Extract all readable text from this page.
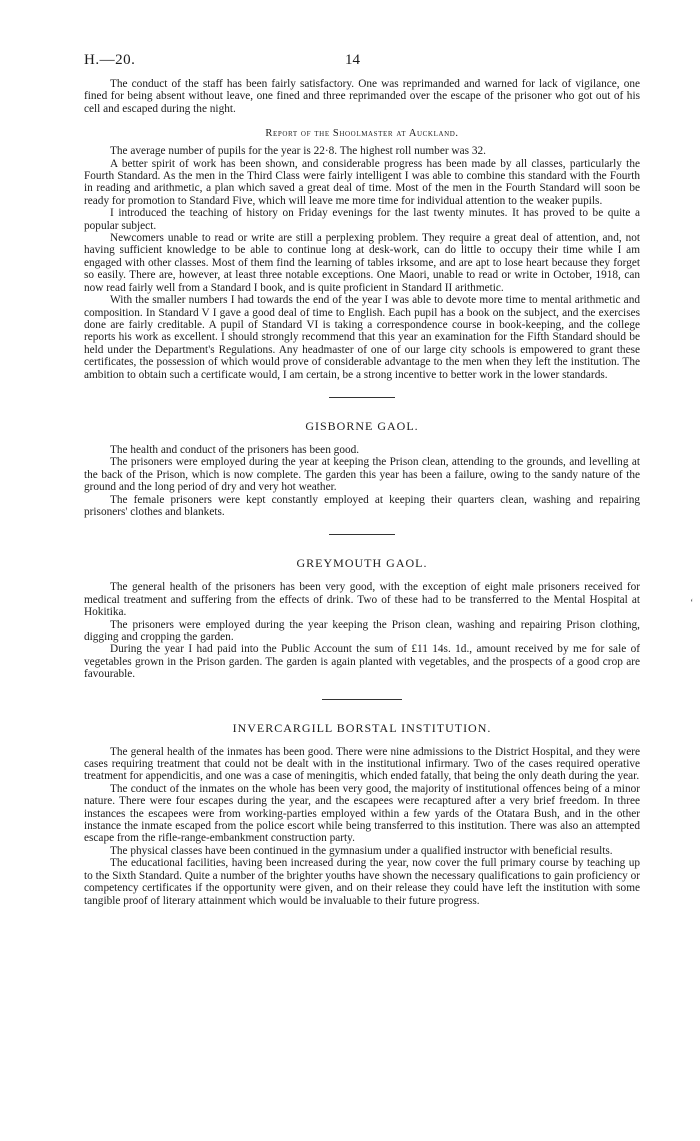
H.—20.	14

The conduct of the staff has been fairly satisfactory. One was reprimanded and warned for lack of vigilance, one fined for being absent without leave, one fined and three reprimanded over the escape of the prisoner who got out of his cell and escaped during the night.

Report of the Shoolmaster at Auckland.

The average number of pupils for the year is 22·8. The highest roll number was 32.

A better spirit of work has been shown, and considerable progress has been made by all classes, particularly the Fourth Standard. As the men in the Third Class were fairly intelligent I was able to combine this standard with the Fourth in reading and arithmetic, a plan which saved a great deal of time. Most of the men in the Fourth Standard will soon be ready for promotion to Standard Five, which will leave me more time for individual attention to the weaker pupils.

I introduced the teaching of history on Friday evenings for the last twenty minutes. It has proved to be quite a popular subject.

Newcomers unable to read or write are still a perplexing problem. They require a great deal of attention, and, not having sufficient knowledge to be able to continue long at desk-work, can do little to occupy their time while I am engaged with other classes. Most of them find the learning of tables irksome, and are apt to lose heart because they forget so easily. There are, however, at least three notable exceptions. One Maori, unable to read or write in October, 1918, can now read fairly well from a Standard I book, and is quite proficient in Standard II arithmetic.

With the smaller numbers I had towards the end of the year I was able to devote more time to mental arithmetic and composition. In Standard V I gave a good deal of time to English. Each pupil has a book on the subject, and the exercises done are fairly creditable. A pupil of Standard VI is taking a correspondence course in book-keeping, and the college reports his work as excellent. I should strongly recommend that this year an examination for the Fifth Standard should be held under the Department's Regulations. Any headmaster of one of our large city schools is empowered to grant these certificates, the possession of which would prove of considerable advantage to the men when they left the institution. The ambition to obtain such a certificate would, I am certain, be a strong incentive to better work in the lower standards.

GISBORNE GAOL.

The health and conduct of the prisoners has been good.

The prisoners were employed during the year at keeping the Prison clean, attending to the grounds, and levelling at the back of the Prison, which is now complete. The garden this year has been a failure, owing to the sandy nature of the ground and the long period of dry and very hot weather.

The female prisoners were kept constantly employed at keeping their quarters clean, washing and repairing prisoners' clothes and blankets.

GREYMOUTH GAOL.

The general health of the prisoners has been very good, with the exception of eight male prisoners received for medical treatment and suffering from the effects of drink. Two of these had to be transferred to the Mental Hospital at Hokitika.

The prisoners were employed during the year keeping the Prison clean, washing and repairing Prison clothing, digging and cropping the garden.

During the year I had paid into the Public Account the sum of £11 14s. 1d., amount received by me for sale of vegetables grown in the Prison garden. The garden is again planted with vegetables, and the prospects of a good crop are favourable.

INVERCARGILL BORSTAL INSTITUTION.

The general health of the inmates has been good. There were nine admissions to the District Hospital, and they were cases requiring treatment that could not be dealt with in the institutional infirmary. Two of the cases required operative treatment for appendicitis, and one was a case of meningitis, which ended fatally, that being the only death during the year.

The conduct of the inmates on the whole has been very good, the majority of institutional offences being of a minor nature. There were four escapes during the year, and the escapees were recaptured after a very brief freedom. In three instances the escapees were from working-parties employed within a few yards of the Otatara Bush, and in the other instance the inmate escaped from the police escort while being transferred to this institution. There was also an attempted escape from the rifle-range-embankment construction party.

The physical classes have been continued in the gymnasium under a qualified instructor with beneficial results.

The educational facilities, having been increased during the year, now cover the full primary course by teaching up to the Sixth Standard. Quite a number of the brighter youths have shown the necessary qualifications to gain proficiency or competency certificates if the opportunity were given, and on their release they could have left the institution with some tangible proof of literary attainment which would be invaluable to their future progress.

‘
